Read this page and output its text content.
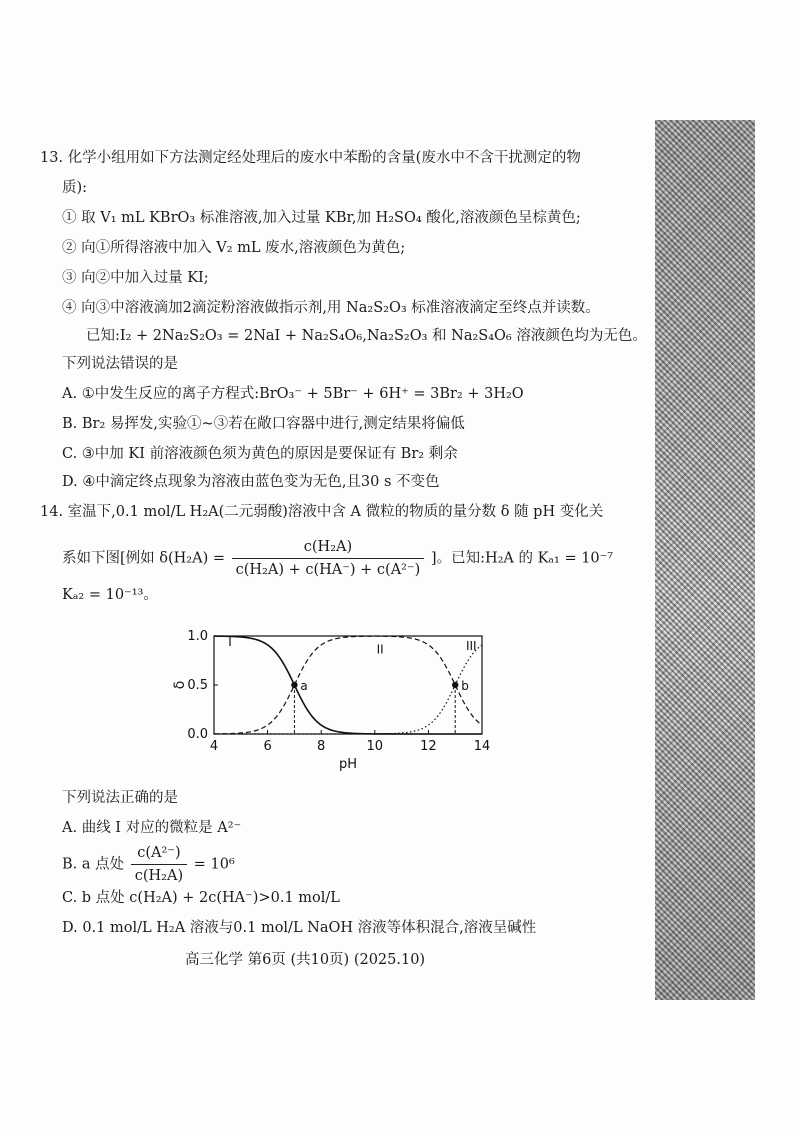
13. 化学小组用如下方法测定经处理后的废水中苯酚的含量(废水中不含干扰测定的物
质):
① 取 V₁ mL KBrO₃ 标准溶液,加入过量 KBr,加 H₂SO₄ 酸化,溶液颜色呈棕黄色;
② 向①所得溶液中加入 V₂ mL 废水,溶液颜色为黄色;
③ 向②中加入过量 KI;
④ 向③中溶液滴加2滴淀粉溶液做指示剂,用 Na₂S₂O₃ 标准溶液滴定至终点并读数。
已知:I₂ + 2Na₂S₂O₃ = 2NaI + Na₂S₄O₆,Na₂S₂O₃ 和 Na₂S₄O₆ 溶液颜色均为无色。
下列说法错误的是
A. ①中发生反应的离子方程式:BrO₃⁻ + 5Br⁻ + 6H⁺ = 3Br₂ + 3H₂O
B. Br₂ 易挥发,实验①~③若在敞口容器中进行,测定结果将偏低
C. ③中加 KI 前溶液颜色须为黄色的原因是要保证有 Br₂ 剩余
D. ④中滴定终点现象为溶液由蓝色变为无色,且30 s 不变色
14. 室温下,0.1 mol/L H₂A(二元弱酸)溶液中含 A 微粒的物质的量分数 δ 随 pH 变化关
系如下图[例如 $\delta(H_2A) = \frac{\text{c(H₂A)}}{\text{c(H₂A) + c(HA⁻) + c(A²⁻)}}$ ]。已知:H₂A 的 Kₐ₁ = 10⁻⁷
Kₐ₂ = 10⁻¹³。
4	6	8	10	12	14
0.0
0.5
1.0
pH
δ
I
II	III
a	b
下列说法正确的是
A. 曲线 I 对应的微粒是 A²⁻
B. a 点处 $\frac{\text{c(A²⁻)}}{\text{c(H₂A)}} = 10^6$
C. b 点处 c(H₂A) + 2c(HA⁻)>0.1 mol/L
D. 0.1 mol/L H₂A 溶液与0.1 mol/L NaOH 溶液等体积混合,溶液呈碱性
高三化学 第6页 (共10页) (2025.10)
